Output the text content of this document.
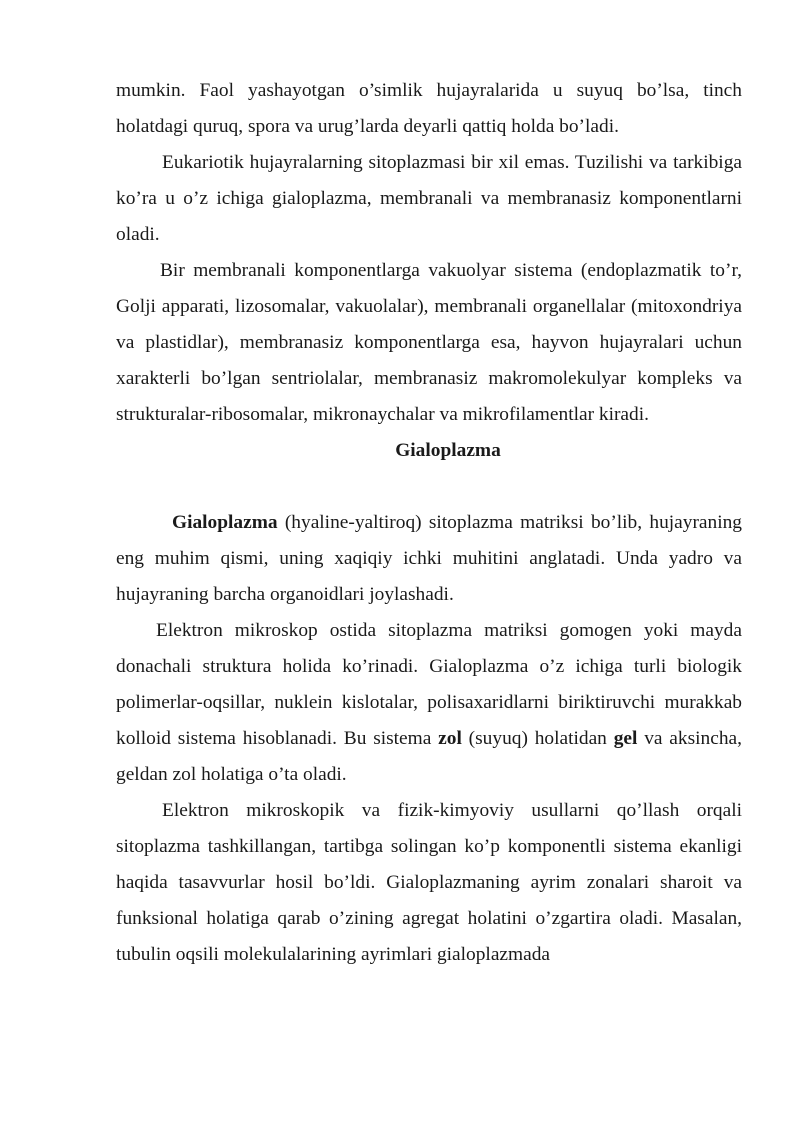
mumkin. Faol yashayotgan o’simlik hujayralarida u suyuq bo’lsa, tinch holatdagi quruq, spora va urug’larda deyarli qattiq holda bo’ladi.

Eukariotik hujayralarning sitoplazmasi bir xil emas. Tuzilishi va tarkibiga ko’ra u o’z ichiga gialoplazma, membranali va membranasiz komponentlarni oladi.

Bir membranali komponentlarga vakuolyar sistema (endoplazmatik to’r, Golji apparati, lizosomalar, vakuolalar), membranali organellalar (mitoxondriya va plastidlar), membranasiz komponentlarga esa, hayvon hujayralari uchun xarakterli bo’lgan sentriolalar, membranasiz makromolekulyar kompleks va strukturalar-ribosomalar, mikronaychalar va mikrofilamentlar kiradi.

Gialoplazma

Gialoplazma (hyaline-yaltiroq) sitoplazma matriksi bo’lib, hujayraning eng muhim qismi, uning xaqiqiy ichki muhitini anglatadi. Unda yadro va hujayraning barcha organoidlari joylashadi.

Elektron mikroskop ostida sitoplazma matriksi gomogen yoki mayda donachali struktura holida ko’rinadi. Gialoplazma o’z ichiga turli biologik polimerlar-oqsillar, nuklein kislotalar, polisaxaridlarni biriktiruvchi murakkab kolloid sistema hisoblanadi. Bu sistema zol (suyuq) holatidan gel va aksincha, geldan zol holatiga o’ta oladi.

Elektron mikroskopik va fizik-kimyoviy usullarni qo’llash orqali sitoplazma tashkillangan, tartibga solingan ko’p komponentli sistema ekanligi haqida tasavvurlar hosil bo’ldi. Gialoplazmaning ayrim zonalari sharoit va funksional holatiga qarab o’zining agregat holatini o’zgartira oladi. Masalan, tubulin oqsili molekulalarining ayrimlari gialoplazmada
